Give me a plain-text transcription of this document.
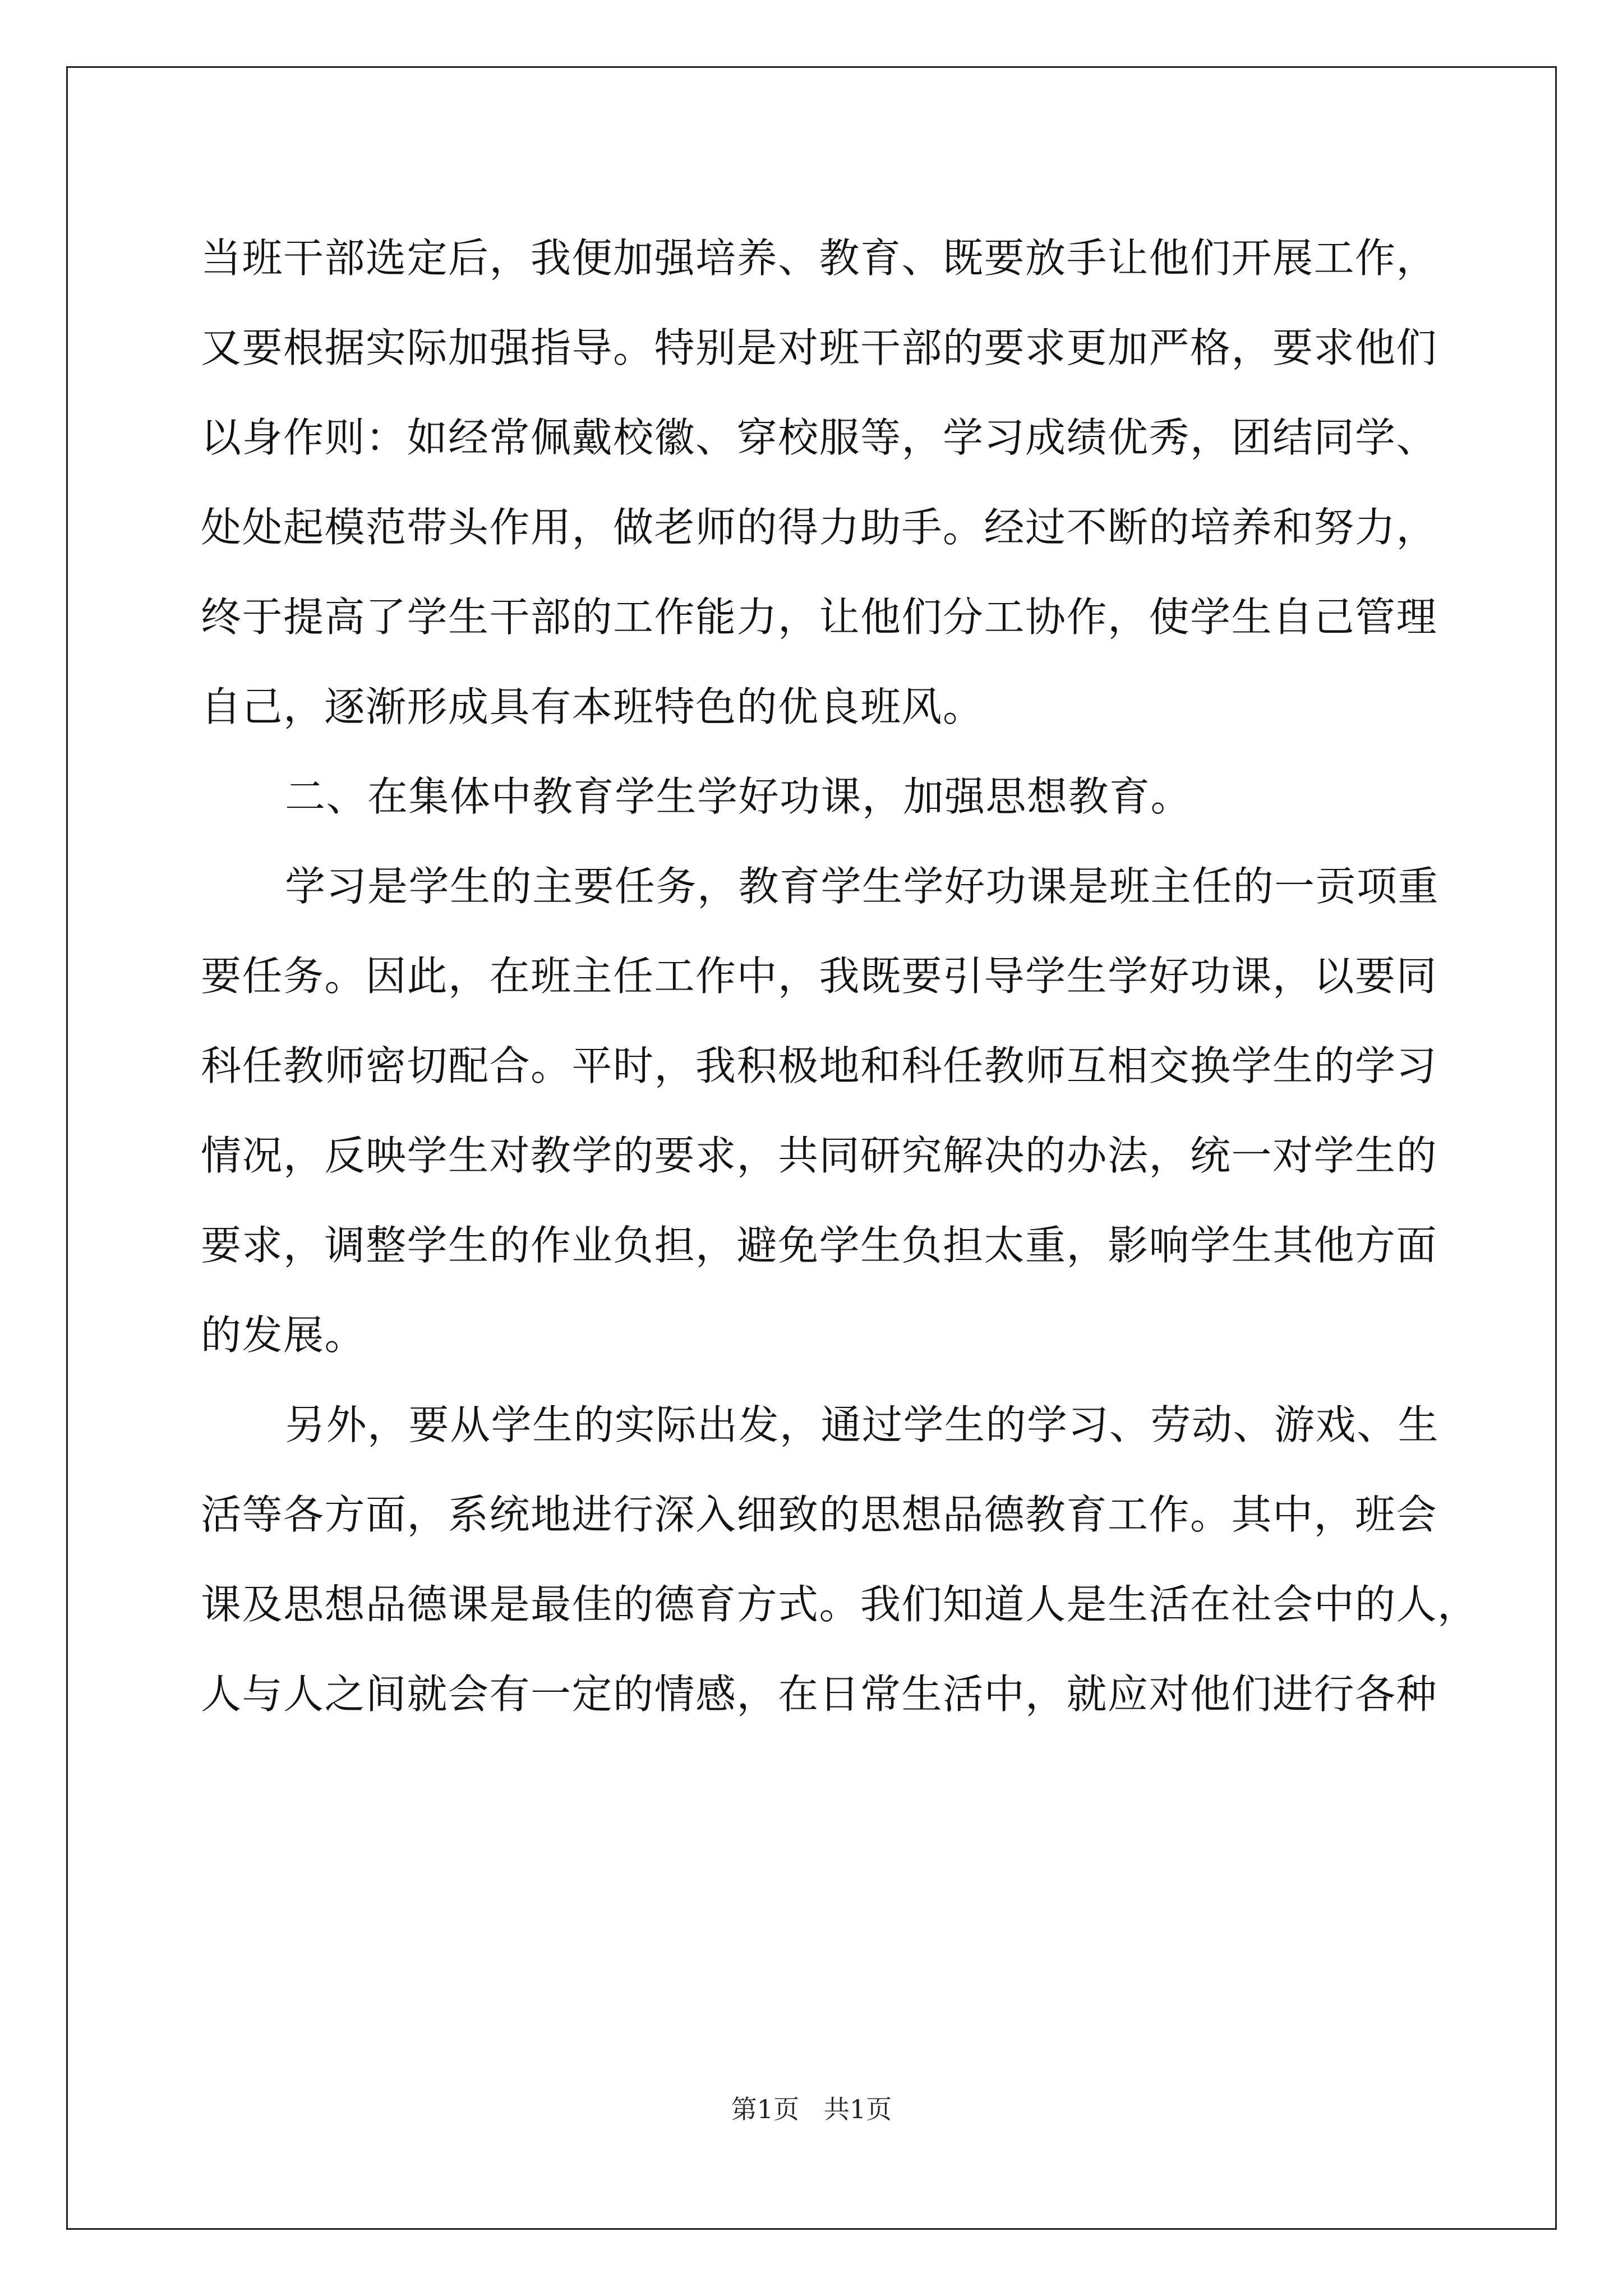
当班干部选定后，我便加强培养、教育、既要放手让他们开展工作，
又要根据实际加强指导。特别是对班干部的要求更加严格，要求他们
以身作则：如经常佩戴校徽、穿校服等，学习成绩优秀，团结同学、
处处起模范带头作用，做老师的得力助手。经过不断的培养和努力，
终于提高了学生干部的工作能力，让他们分工协作，使学生自己管理
自己，逐渐形成具有本班特色的优良班风。
二、在集体中教育学生学好功课，加强思想教育。
学习是学生的主要任务，教育学生学好功课是班主任的一贡项重
要任务。因此，在班主任工作中，我既要引导学生学好功课，以要同
科任教师密切配合。平时，我积极地和科任教师互相交换学生的学习
情况，反映学生对教学的要求，共同研究解决的办法，统一对学生的
要求，调整学生的作业负担，避免学生负担太重，影响学生其他方面
的发展。
另外，要从学生的实际出发，通过学生的学习、劳动、游戏、生
活等各方面，系统地进行深入细致的思想品德教育工作。其中，班会
课及思想品德课是最佳的德育方式。我们知道人是生活在社会中的人，
人与人之间就会有一定的情感，在日常生活中，就应对他们进行各种
第1页   共1页
